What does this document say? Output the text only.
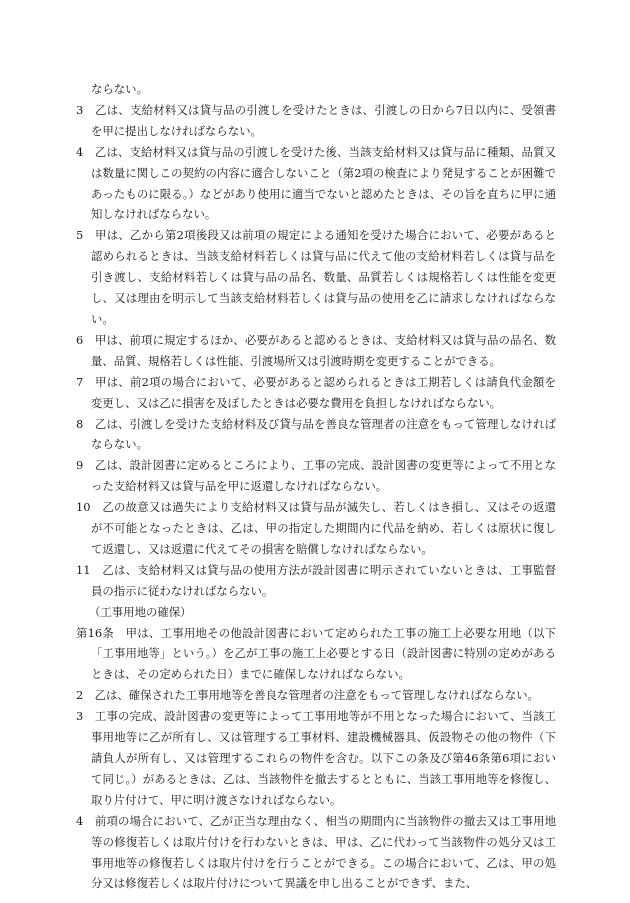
ならない。

3　乙は、支給材料又は貸与品の引渡しを受けたときは、引渡しの日から7日以内に、受領書を甲に提出しなければならない。

4　乙は、支給材料又は貸与品の引渡しを受けた後、当該支給材料又は貸与品に種類、品質又は数量に関しこの契約の内容に適合しないこと（第2項の検査により発見することが困難であったものに限る。）などがあり使用に適当でないと認めたときは、その旨を直ちに甲に通知しなければならない。

5　甲は、乙から第2項後段又は前項の規定による通知を受けた場合において、必要があると認められるときは、当該支給材料若しくは貸与品に代えて他の支給材料若しくは貸与品を引き渡し、支給材料若しくは貸与品の品名、数量、品質若しくは規格若しくは性能を変更し、又は理由を明示して当該支給材料若しくは貸与品の使用を乙に請求しなければならない。

6　甲は、前項に規定するほか、必要があると認めるときは、支給材料又は貸与品の品名、数量、品質、規格若しくは性能、引渡場所又は引渡時期を変更することができる。

7　甲は、前2項の場合において、必要があると認められるときは工期若しくは請負代金額を変更し、又は乙に損害を及ぼしたときは必要な費用を負担しなければならない。

8　乙は、引渡しを受けた支給材料及び貸与品を善良な管理者の注意をもって管理しなければならない。

9　乙は、設計図書に定めるところにより、工事の完成、設計図書の変更等によって不用となった支給材料又は貸与品を甲に返還しなければならない。

10　乙の故意又は過失により支給材料又は貸与品が滅失し、若しくはき損し、又はその返還が不可能となったときは、乙は、甲の指定した期間内に代品を納め、若しくは原状に復して返還し、又は返還に代えてその損害を賠償しなければならない。

11　乙は、支給材料又は貸与品の使用方法が設計図書に明示されていないときは、工事監督員の指示に従わなければならない。

（工事用地の確保）

第16条　甲は、工事用地その他設計図書において定められた工事の施工上必要な用地（以下「工事用地等」という。）を乙が工事の施工上必要とする日（設計図書に特別の定めがあるときは、その定められた日）までに確保しなければならない。

2　乙は、確保された工事用地等を善良な管理者の注意をもって管理しなければならない。

3　工事の完成、設計図書の変更等によって工事用地等が不用となった場合において、当該工事用地等に乙が所有し、又は管理する工事材料、建設機械器具、仮設物その他の物件（下請負人が所有し、又は管理するこれらの物件を含む。以下この条及び第46条第6項において同じ。）があるときは、乙は、当該物件を撤去するとともに、当該工事用地等を修復し、取り片付けて、甲に明け渡さなければならない。

4　前項の場合において、乙が正当な理由なく、相当の期間内に当該物件の撤去又は工事用地等の修復若しくは取片付けを行わないときは、甲は、乙に代わって当該物件の処分又は工事用地等の修復若しくは取片付けを行うことができる。この場合において、乙は、甲の処分又は修復若しくは取片付けについて異議を申し出ることができず、また、
